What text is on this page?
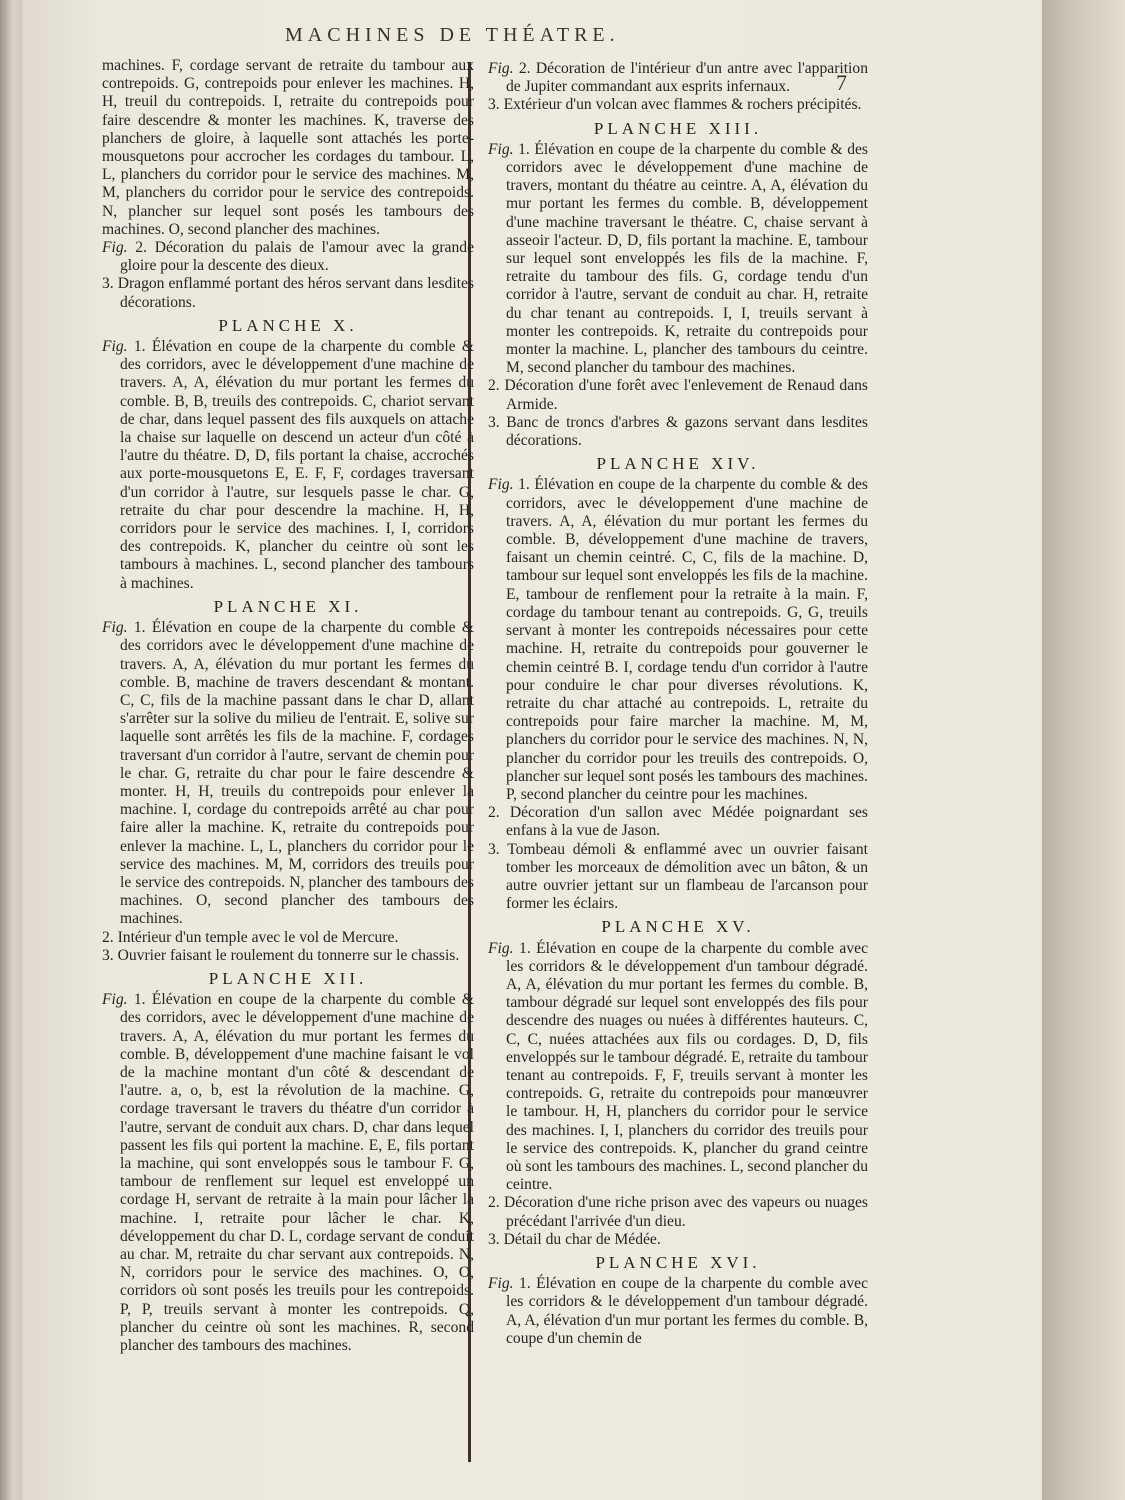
MACHINES DE THÉATRE.
7

machines. F, cordage servant de retraite du tambour aux contrepoids. G, contrepoids pour enlever les machines. H, H, treuil du contrepoids. I, retraite du contrepoids pour faire descendre & monter les machines. K, traverse des planchers de gloire, à laquelle sont attachés les porte-mousquetons pour accrocher les cordages du tambour. L, L, planchers du corridor pour le service des machines. M, M, planchers du corridor pour le service des contrepoids. N, plancher sur lequel sont posés les tambours des machines. O, second plancher des machines.

Fig. 2. Décoration du palais de l'amour avec la grande gloire pour la descente des dieux.

3. Dragon enflammé portant des héros servant dans lesdites décorations.

PLANCHE X.

Fig. 1. Élévation en coupe de la charpente du comble & des corridors, avec le développement d'une machine de travers. A, A, élévation du mur portant les fermes du comble. B, B, treuils des contrepoids. C, chariot servant de char, dans lequel passent des fils auxquels on attache la chaise sur laquelle on descend un acteur d'un côté à l'autre du théatre. D, D, fils portant la chaise, accrochés aux porte-mousquetons E, E. F, F, cordages traversant d'un corridor à l'autre, sur lesquels passe le char. G, retraite du char pour descendre la machine. H, H, corridors pour le service des machines. I, I, corridors des contrepoids. K, plancher du ceintre où sont les tambours à machines. L, second plancher des tambours à machines.

PLANCHE XI.

Fig. 1. Élévation en coupe de la charpente du comble & des corridors avec le développement d'une machine de travers. A, A, élévation du mur portant les fermes du comble. B, machine de travers descendant & montant. C, C, fils de la machine passant dans le char D, allant s'arrêter sur la solive du milieu de l'entrait. E, solive sur laquelle sont arrêtés les fils de la machine. F, cordages traversant d'un corridor à l'autre, servant de chemin pour le char. G, retraite du char pour le faire descendre & monter. H, H, treuils du contrepoids pour enlever la machine. I, cordage du contrepoids arrêté au char pour faire aller la machine. K, retraite du contrepoids pour enlever la machine. L, L, planchers du corridor pour le service des machines. M, M, corridors des treuils pour le service des contrepoids. N, plancher des tambours des machines. O, second plancher des tambours des machines.

2. Intérieur d'un temple avec le vol de Mercure.

3. Ouvrier faisant le roulement du tonnerre sur le chassis.

PLANCHE XII.

Fig. 1. Élévation en coupe de la charpente du comble & des corridors, avec le développement d'une machine de travers. A, A, élévation du mur portant les fermes du comble. B, développement d'une machine faisant le vol de la machine montant d'un côté & descendant de l'autre. a, o, b, est la révolution de la machine. G, cordage traversant le travers du théatre d'un corridor à l'autre, servant de conduit aux chars. D, char dans lequel passent les fils qui portent la machine. E, E, fils portant la machine, qui sont enveloppés sous le tambour F. G, tambour de renflement sur lequel est enveloppé un cordage H, servant de retraite à la main pour lâcher la machine. I, retraite pour lâcher le char. K, développement du char D. L, cordage servant de conduit au char. M, retraite du char servant aux contrepoids. N, N, corridors pour le service des machines. O, O, corridors où sont posés les treuils pour les contrepoids. P, P, treuils servant à monter les contrepoids. Q, plancher du ceintre où sont les machines. R, second plancher des tambours des machines.

Fig. 2. Décoration de l'intérieur d'un antre avec l'apparition de Jupiter commandant aux esprits infernaux.

3. Extérieur d'un volcan avec flammes & rochers précipités.

PLANCHE XIII.

Fig. 1. Élévation en coupe de la charpente du comble & des corridors avec le développement d'une machine de travers, montant du théatre au ceintre. A, A, élévation du mur portant les fermes du comble. B, développement d'une machine traversant le théatre. C, chaise servant à asseoir l'acteur. D, D, fils portant la machine. E, tambour sur lequel sont enveloppés les fils de la machine. F, retraite du tambour des fils. G, cordage tendu d'un corridor à l'autre, servant de conduit au char. H, retraite du char tenant au contrepoids. I, I, treuils servant à monter les contrepoids. K, retraite du contrepoids pour monter la machine. L, plancher des tambours du ceintre. M, second plancher du tambour des machines.

2. Décoration d'une forêt avec l'enlevement de Renaud dans Armide.

3. Banc de troncs d'arbres & gazons servant dans lesdites décorations.

PLANCHE XIV.

Fig. 1. Élévation en coupe de la charpente du comble & des corridors, avec le développement d'une machine de travers. A, A, élévation du mur portant les fermes du comble. B, développement d'une machine de travers, faisant un chemin ceintré. C, C, fils de la machine. D, tambour sur lequel sont enveloppés les fils de la machine. E, tambour de renflement pour la retraite à la main. F, cordage du tambour tenant au contrepoids. G, G, treuils servant à monter les contrepoids nécessaires pour cette machine. H, retraite du contrepoids pour gouverner le chemin ceintré B. I, cordage tendu d'un corridor à l'autre pour conduire le char pour diverses révolutions. K, retraite du char attaché au contrepoids. L, retraite du contrepoids pour faire marcher la machine. M, M, planchers du corridor pour le service des machines. N, N, plancher du corridor pour les treuils des contrepoids. O, plancher sur lequel sont posés les tambours des machines. P, second plancher du ceintre pour les machines.

2. Décoration d'un sallon avec Médée poignardant ses enfans à la vue de Jason.

3. Tombeau démoli & enflammé avec un ouvrier faisant tomber les morceaux de démolition avec un bâton, & un autre ouvrier jettant sur un flambeau de l'arcanson pour former les éclairs.

PLANCHE XV.

Fig. 1. Élévation en coupe de la charpente du comble avec les corridors & le développement d'un tambour dégradé. A, A, élévation du mur portant les fermes du comble. B, tambour dégradé sur lequel sont enveloppés des fils pour descendre des nuages ou nuées à différentes hauteurs. C, C, C, nuées attachées aux fils ou cordages. D, D, fils enveloppés sur le tambour dégradé. E, retraite du tambour tenant au contrepoids. F, F, treuils servant à monter les contrepoids. G, retraite du contrepoids pour manœuvrer le tambour. H, H, planchers du corridor pour le service des machines. I, I, planchers du corridor des treuils pour le service des contrepoids. K, plancher du grand ceintre où sont les tambours des machines. L, second plancher du ceintre.

2. Décoration d'une riche prison avec des vapeurs ou nuages précédant l'arrivée d'un dieu.

3. Détail du char de Médée.

PLANCHE XVI.

Fig. 1. Élévation en coupe de la charpente du comble avec les corridors & le développement d'un tambour dégradé. A, A, élévation d'un mur portant les fermes du comble. B, coupe d'un chemin de
